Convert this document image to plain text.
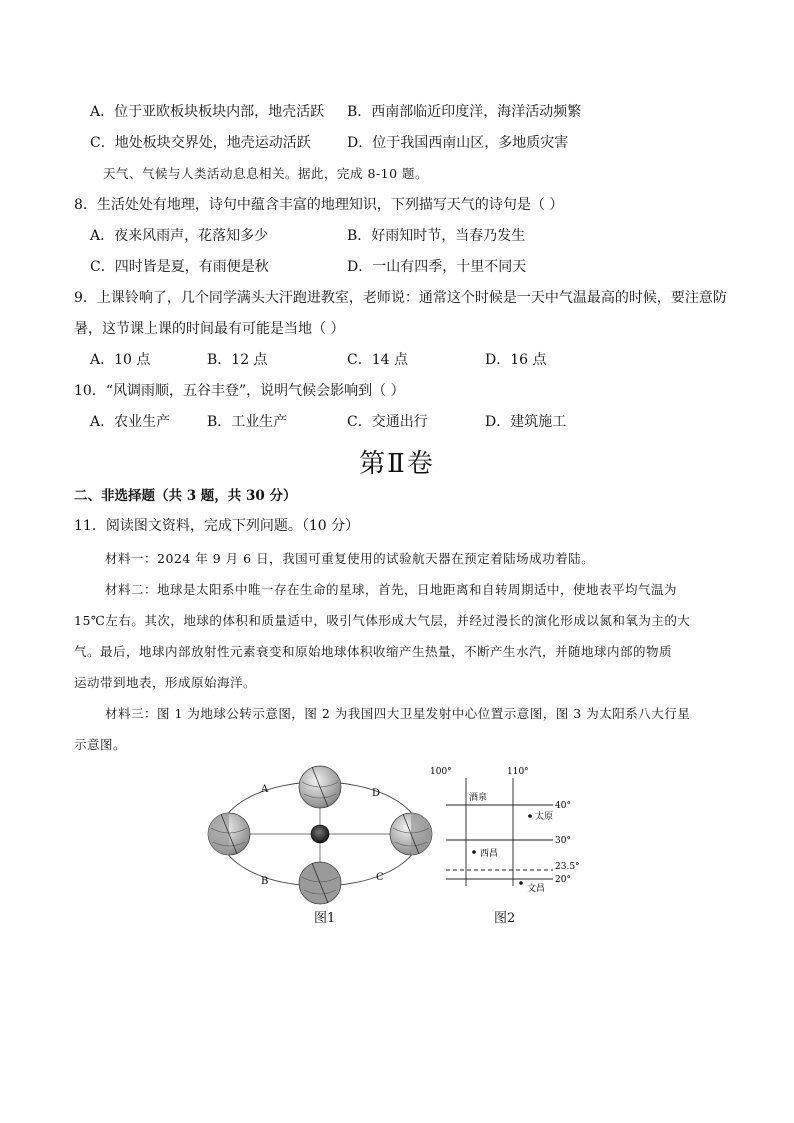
A．位于亚欧板块板块内部，地壳活跃 B．西南部临近印度洋，海洋活动频繁
C．地处板块交界处，地壳运动活跃	D．位于我国西南山区，多地质灾害
天气、气候与人类活动息息相关。据此，完成 8-10 题。
8．生活处处有地理，诗句中蕴含丰富的地理知识，下列描写天气的诗句是（ ）
A．夜来风雨声，花落知多少	B．好雨知时节，当春乃发生
C．四时皆是夏，有雨便是秋	D．一山有四季，十里不同天
9．上课铃响了，几个同学满头大汗跑进教室，老师说：通常这个时候是一天中气温最高的时候，要注意防
暑，这节课上课的时间最有可能是当地（ ）
A．10 点	B．12 点	C．14 点	D．16 点
10．“风调雨顺，五谷丰登”，说明气候会影响到（ ）
A．农业生产	B．工业生产	C．交通出行	D．建筑施工
第Ⅱ卷
二、非选择题（共 3 题，共 30 分）
11．阅读图文资料，完成下列问题。（10 分）
材料一：2024 年 9 月 6 日，我国可重复使用的试验航天器在预定着陆场成功着陆。
材料二：地球是太阳系中唯一存在生命的星球，首先，日地距离和自转周期适中，使地表平均气温为
15℃左右。其次，地球的体积和质量适中，吸引气体形成大气层，并经过漫长的演化形成以氮和氧为主的大
气。最后，地球内部放射性元素衰变和原始地球体积收缩产生热量，不断产生水汽，并随地球内部的物质
运动带到地表，形成原始海洋。
材料三：图 1 为地球公转示意图，图 2 为我国四大卫星发射中心位置示意图，图 3 为太阳系八大行星
示意图。
A
B	C
D
图1
100°	110°
40°
30°
23.5°
20°
酒泉
太原
西昌
文昌
图2
